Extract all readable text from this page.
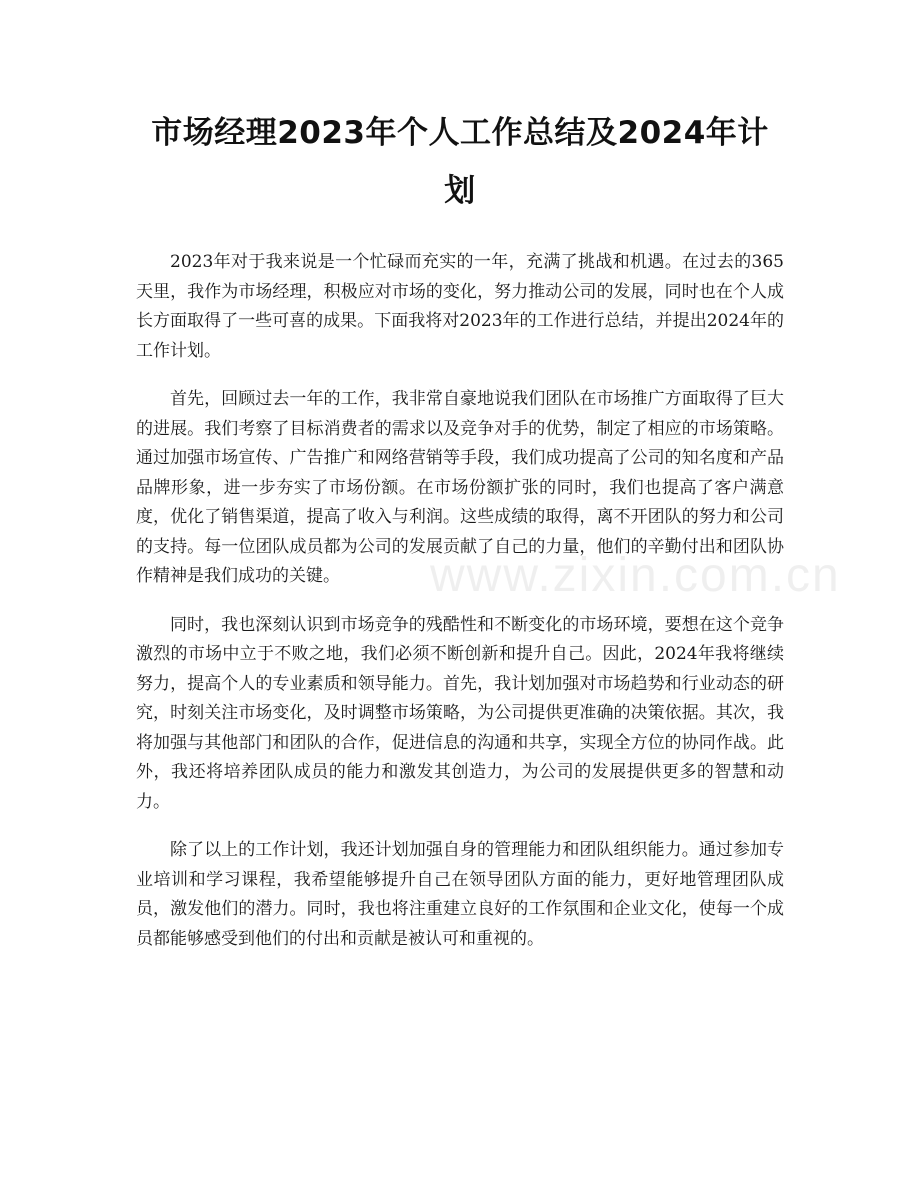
市场经理2023年个人工作总结及2024年计划

2023年对于我来说是一个忙碌而充实的一年，充满了挑战和机遇。在过去的365天里，我作为市场经理，积极应对市场的变化，努力推动公司的发展，同时也在个人成长方面取得了一些可喜的成果。下面我将对2023年的工作进行总结，并提出2024年的工作计划。

首先，回顾过去一年的工作，我非常自豪地说我们团队在市场推广方面取得了巨大的进展。我们考察了目标消费者的需求以及竞争对手的优势，制定了相应的市场策略。通过加强市场宣传、广告推广和网络营销等手段，我们成功提高了公司的知名度和产品品牌形象，进一步夯实了市场份额。在市场份额扩张的同时，我们也提高了客户满意度，优化了销售渠道，提高了收入与利润。这些成绩的取得，离不开团队的努力和公司的支持。每一位团队成员都为公司的发展贡献了自己的力量，他们的辛勤付出和团队协作精神是我们成功的关键。

同时，我也深刻认识到市场竞争的残酷性和不断变化的市场环境，要想在这个竞争激烈的市场中立于不败之地，我们必须不断创新和提升自己。因此，2024年我将继续努力，提高个人的专业素质和领导能力。首先，我计划加强对市场趋势和行业动态的研究，时刻关注市场变化，及时调整市场策略，为公司提供更准确的决策依据。其次，我将加强与其他部门和团队的合作，促进信息的沟通和共享，实现全方位的协同作战。此外，我还将培养团队成员的能力和激发其创造力，为公司的发展提供更多的智慧和动力。

除了以上的工作计划，我还计划加强自身的管理能力和团队组织能力。通过参加专业培训和学习课程，我希望能够提升自己在领导团队方面的能力，更好地管理团队成员，激发他们的潜力。同时，我也将注重建立良好的工作氛围和企业文化，使每一个成员都能够感受到他们的付出和贡献是被认可和重视的。

www.zixin.com.cn
